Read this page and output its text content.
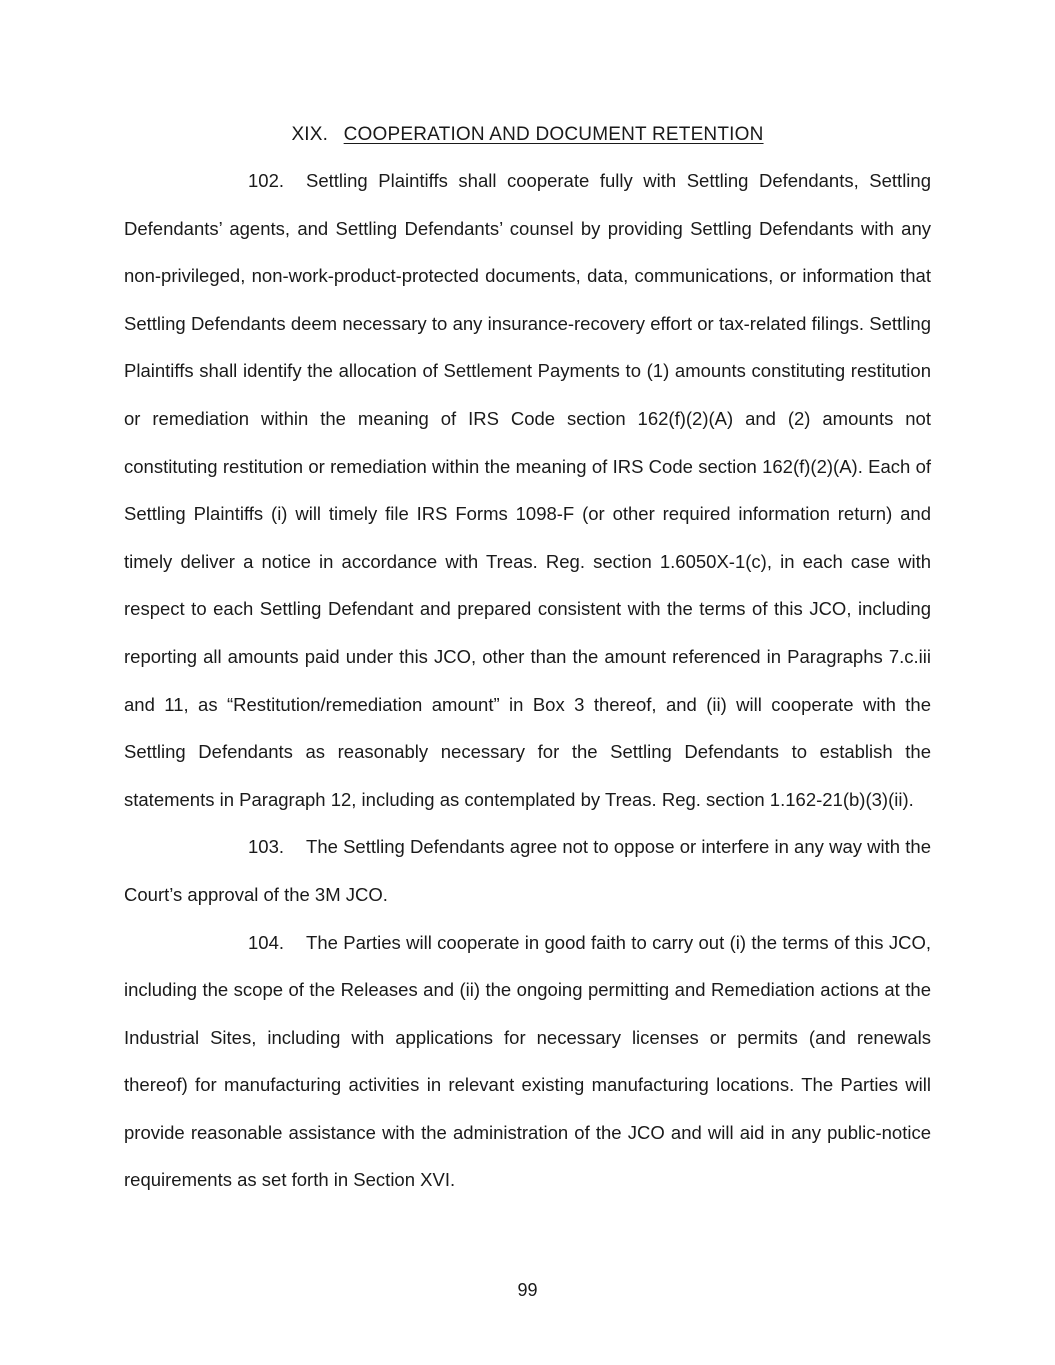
XIX. COOPERATION AND DOCUMENT RETENTION

102. Settling Plaintiffs shall cooperate fully with Settling Defendants, Settling Defendants’ agents, and Settling Defendants’ counsel by providing Settling Defendants with any non-privileged, non-work-product-protected documents, data, communications, or information that Settling Defendants deem necessary to any insurance-recovery effort or tax-related filings. Settling Plaintiffs shall identify the allocation of Settlement Payments to (1) amounts constituting restitution or remediation within the meaning of IRS Code section 162(f)(2)(A) and (2) amounts not constituting restitution or remediation within the meaning of IRS Code section 162(f)(2)(A). Each of Settling Plaintiffs (i) will timely file IRS Forms 1098-F (or other required information return) and timely deliver a notice in accordance with Treas. Reg. section 1.6050X-1(c), in each case with respect to each Settling Defendant and prepared consistent with the terms of this JCO, including reporting all amounts paid under this JCO, other than the amount referenced in Paragraphs 7.c.iii and 11, as “Restitution/remediation amount” in Box 3 thereof, and (ii) will cooperate with the Settling Defendants as reasonably necessary for the Settling Defendants to establish the statements in Paragraph 12, including as contemplated by Treas. Reg. section 1.162-21(b)(3)(ii).

103. The Settling Defendants agree not to oppose or interfere in any way with the Court’s approval of the 3M JCO.

104. The Parties will cooperate in good faith to carry out (i) the terms of this JCO, including the scope of the Releases and (ii) the ongoing permitting and Remediation actions at the Industrial Sites, including with applications for necessary licenses or permits (and renewals thereof) for manufacturing activities in relevant existing manufacturing locations. The Parties will provide reasonable assistance with the administration of the JCO and will aid in any public-notice requirements as set forth in Section XVI.

99
